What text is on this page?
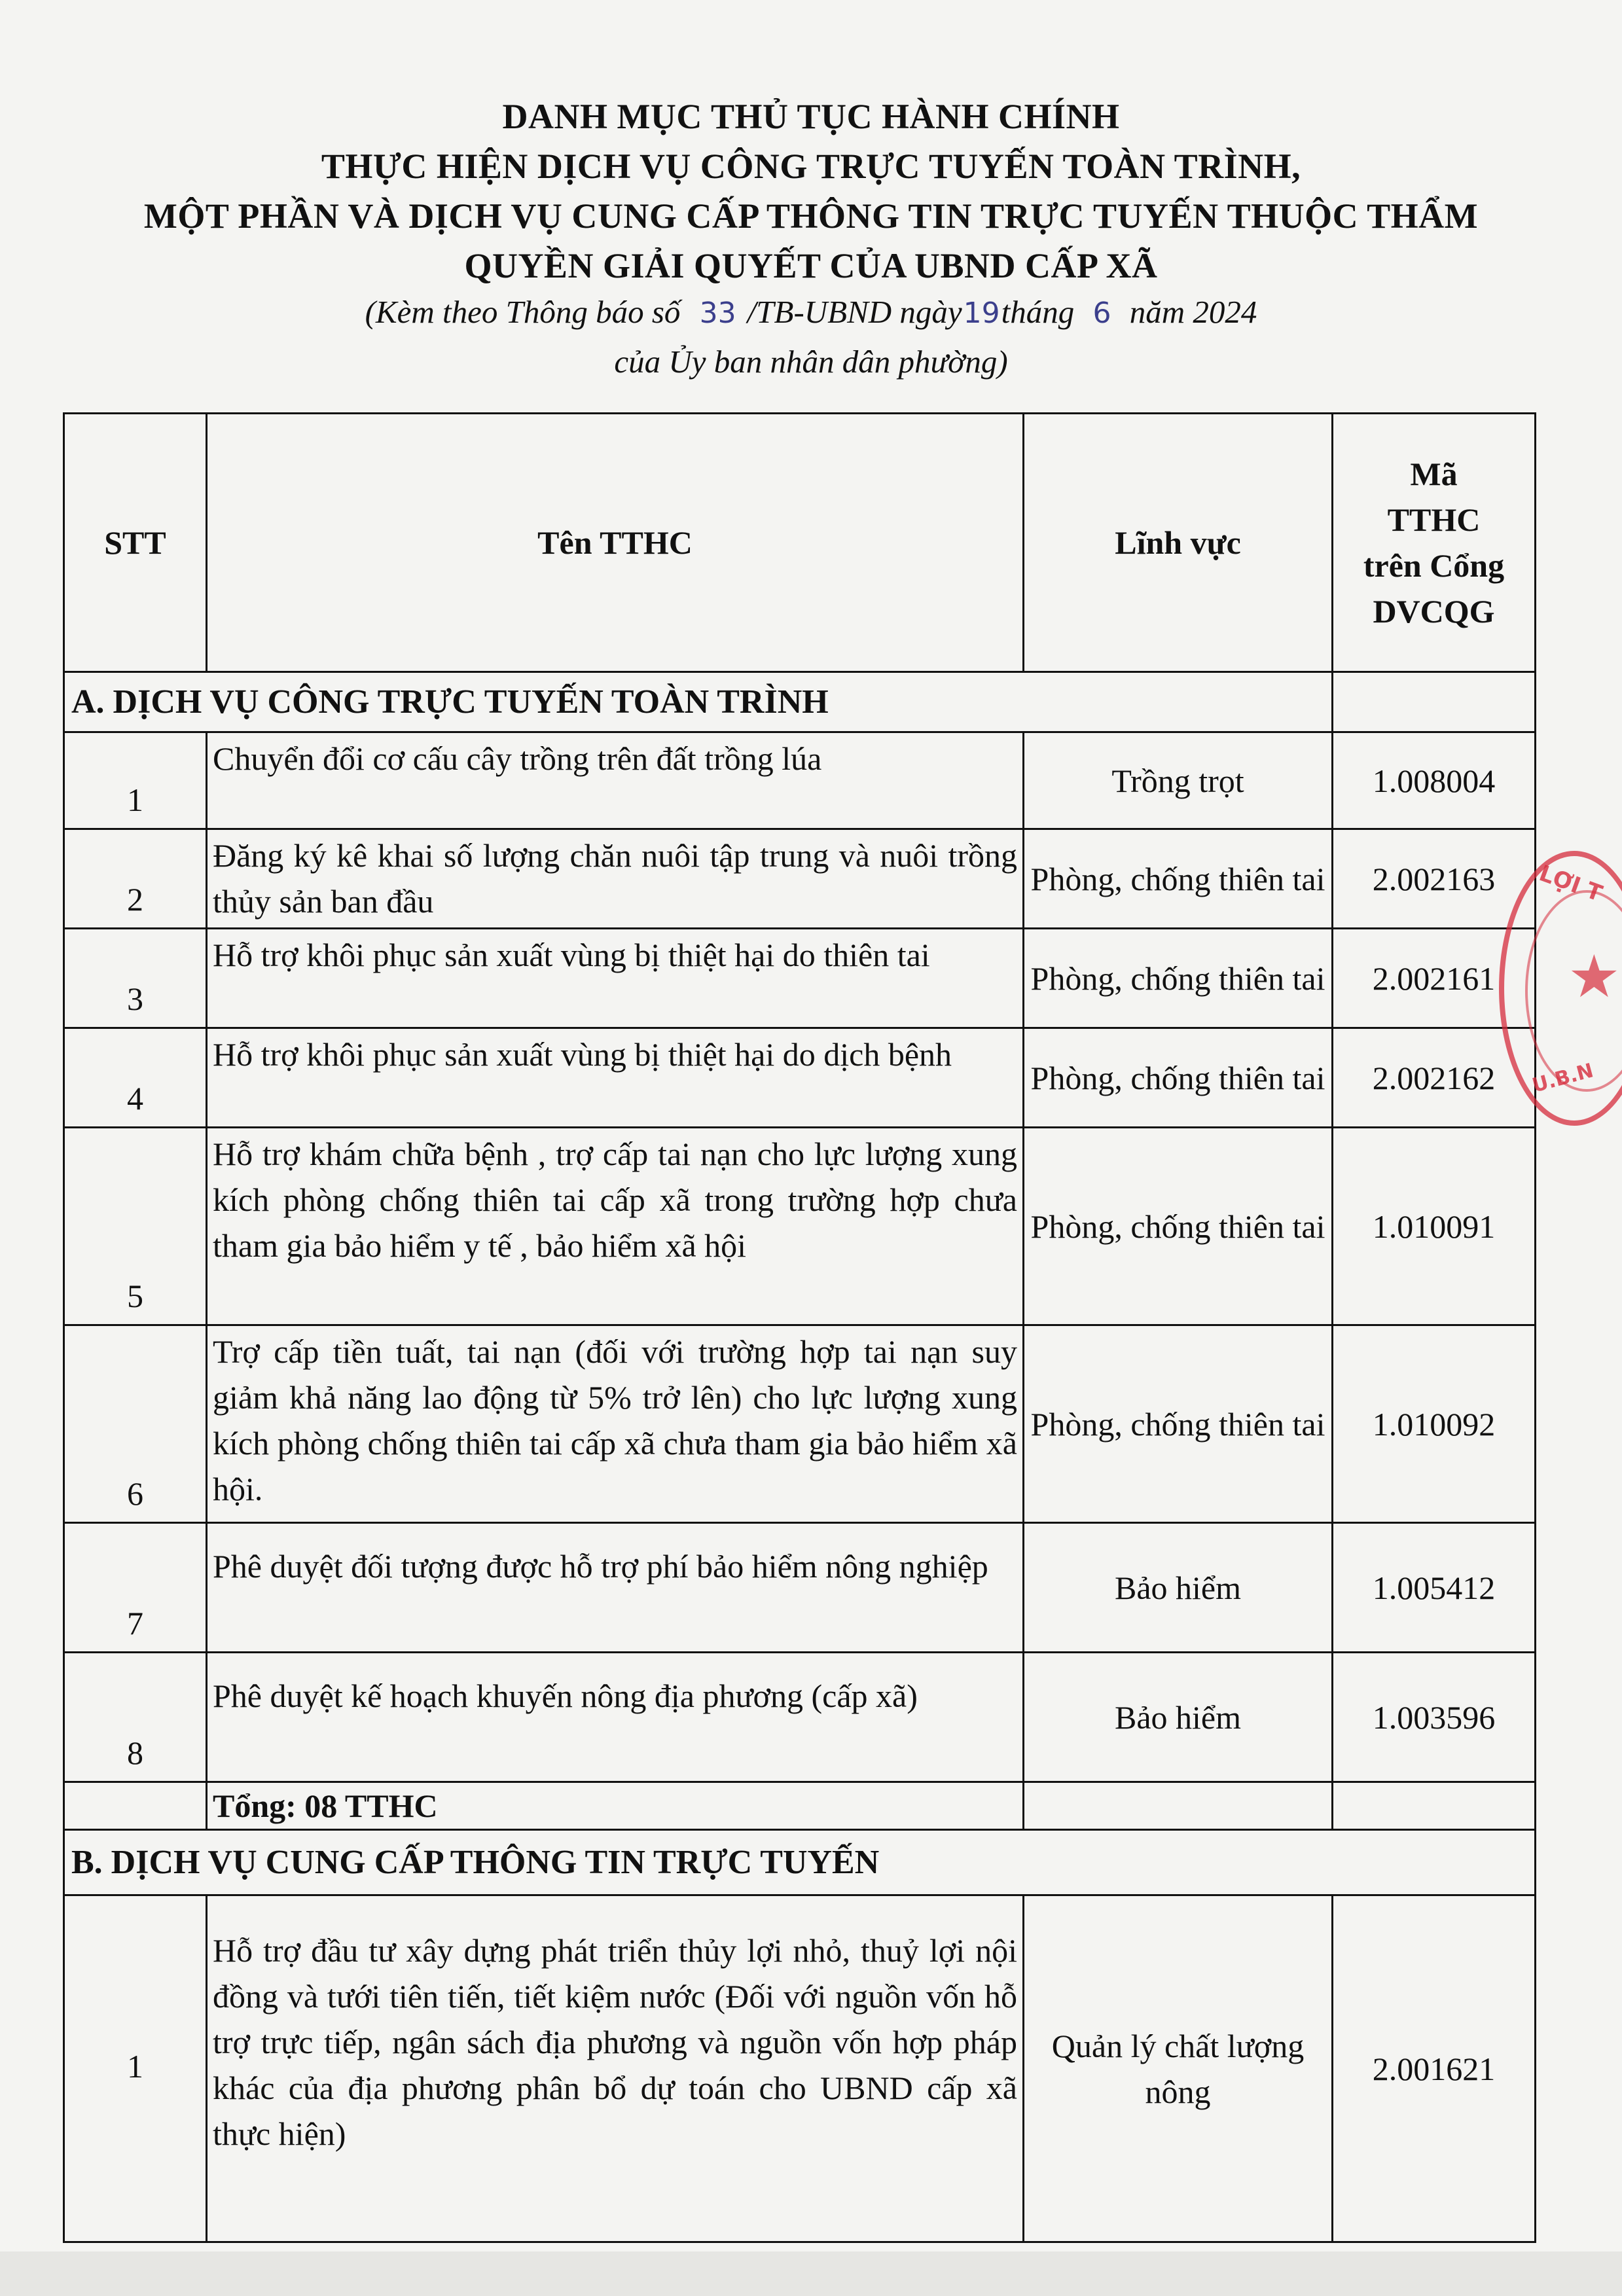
DANH MỤC THỦ TỤC HÀNH CHÍNH
THỰC HIỆN DỊCH VỤ CÔNG TRỰC TUYẾN TOÀN TRÌNH,
MỘT PHẦN VÀ DỊCH VỤ CUNG CẤP THÔNG TIN TRỰC TUYẾN THUỘC THẨM
QUYỀN GIẢI QUYẾT CỦA UBND CẤP XÃ
(Kèm theo Thông báo số 33 /TB-UBND ngày19tháng 6 năm 2024
của Ủy ban nhân dân phường)
STT	Tên TTHC	Lĩnh vực	Mã
TTHC
trên Cổng
DVCQG

A. DỊCH VỤ CÔNG TRỰC TUYẾN TOÀN TRÌNH			
1	Chuyển đổi cơ cấu cây trồng trên đất trồng lúa	Trồng trọt	1.008004
2	Đăng ký kê khai số lượng chăn nuôi tập trung và nuôi trồng thủy sản ban đầu	Phòng, chống thiên tai	2.002163
3	Hỗ trợ khôi phục sản xuất vùng bị thiệt hại do thiên tai	Phòng, chống thiên tai	2.002161
4	Hỗ trợ khôi phục sản xuất vùng bị thiệt hại do dịch bệnh	Phòng, chống thiên tai	2.002162
5	Hỗ trợ khám chữa bệnh , trợ cấp tai nạn cho lực lượng xung kích phòng chống thiên tai cấp xã trong trường hợp chưa tham gia bảo hiểm y tế , bảo hiểm xã hội	Phòng, chống thiên tai	1.010091
6	Trợ cấp tiền tuất, tai nạn (đối với trường hợp tai nạn suy giảm khả năng lao động từ 5% trở lên) cho lực lượng xung kích phòng chống thiên tai cấp xã chưa tham gia bảo hiểm xã hội.	Phòng, chống thiên tai	1.010092
7	Phê duyệt đối tượng được hỗ trợ phí bảo hiểm nông nghiệp	Bảo hiểm	1.005412
8	Phê duyệt kế hoạch khuyến nông địa phương (cấp xã)	Bảo hiểm	1.003596
	Tổng: 08 TTHC		
B. DỊCH VỤ CUNG CẤP THÔNG TIN TRỰC TUYẾN			
1	Hỗ trợ đầu tư xây dựng phát triển thủy lợi nhỏ, thuỷ lợi nội đồng và tưới tiên tiến, tiết kiệm nước (Đối với nguồn vốn hỗ trợ trực tiếp, ngân sách địa phương và nguồn vốn hợp pháp khác của địa phương phân bổ dự toán cho UBND cấp xã thực hiện)	Quản lý chất lượng nông	2.001621
★
LỢI T
U.B.N
